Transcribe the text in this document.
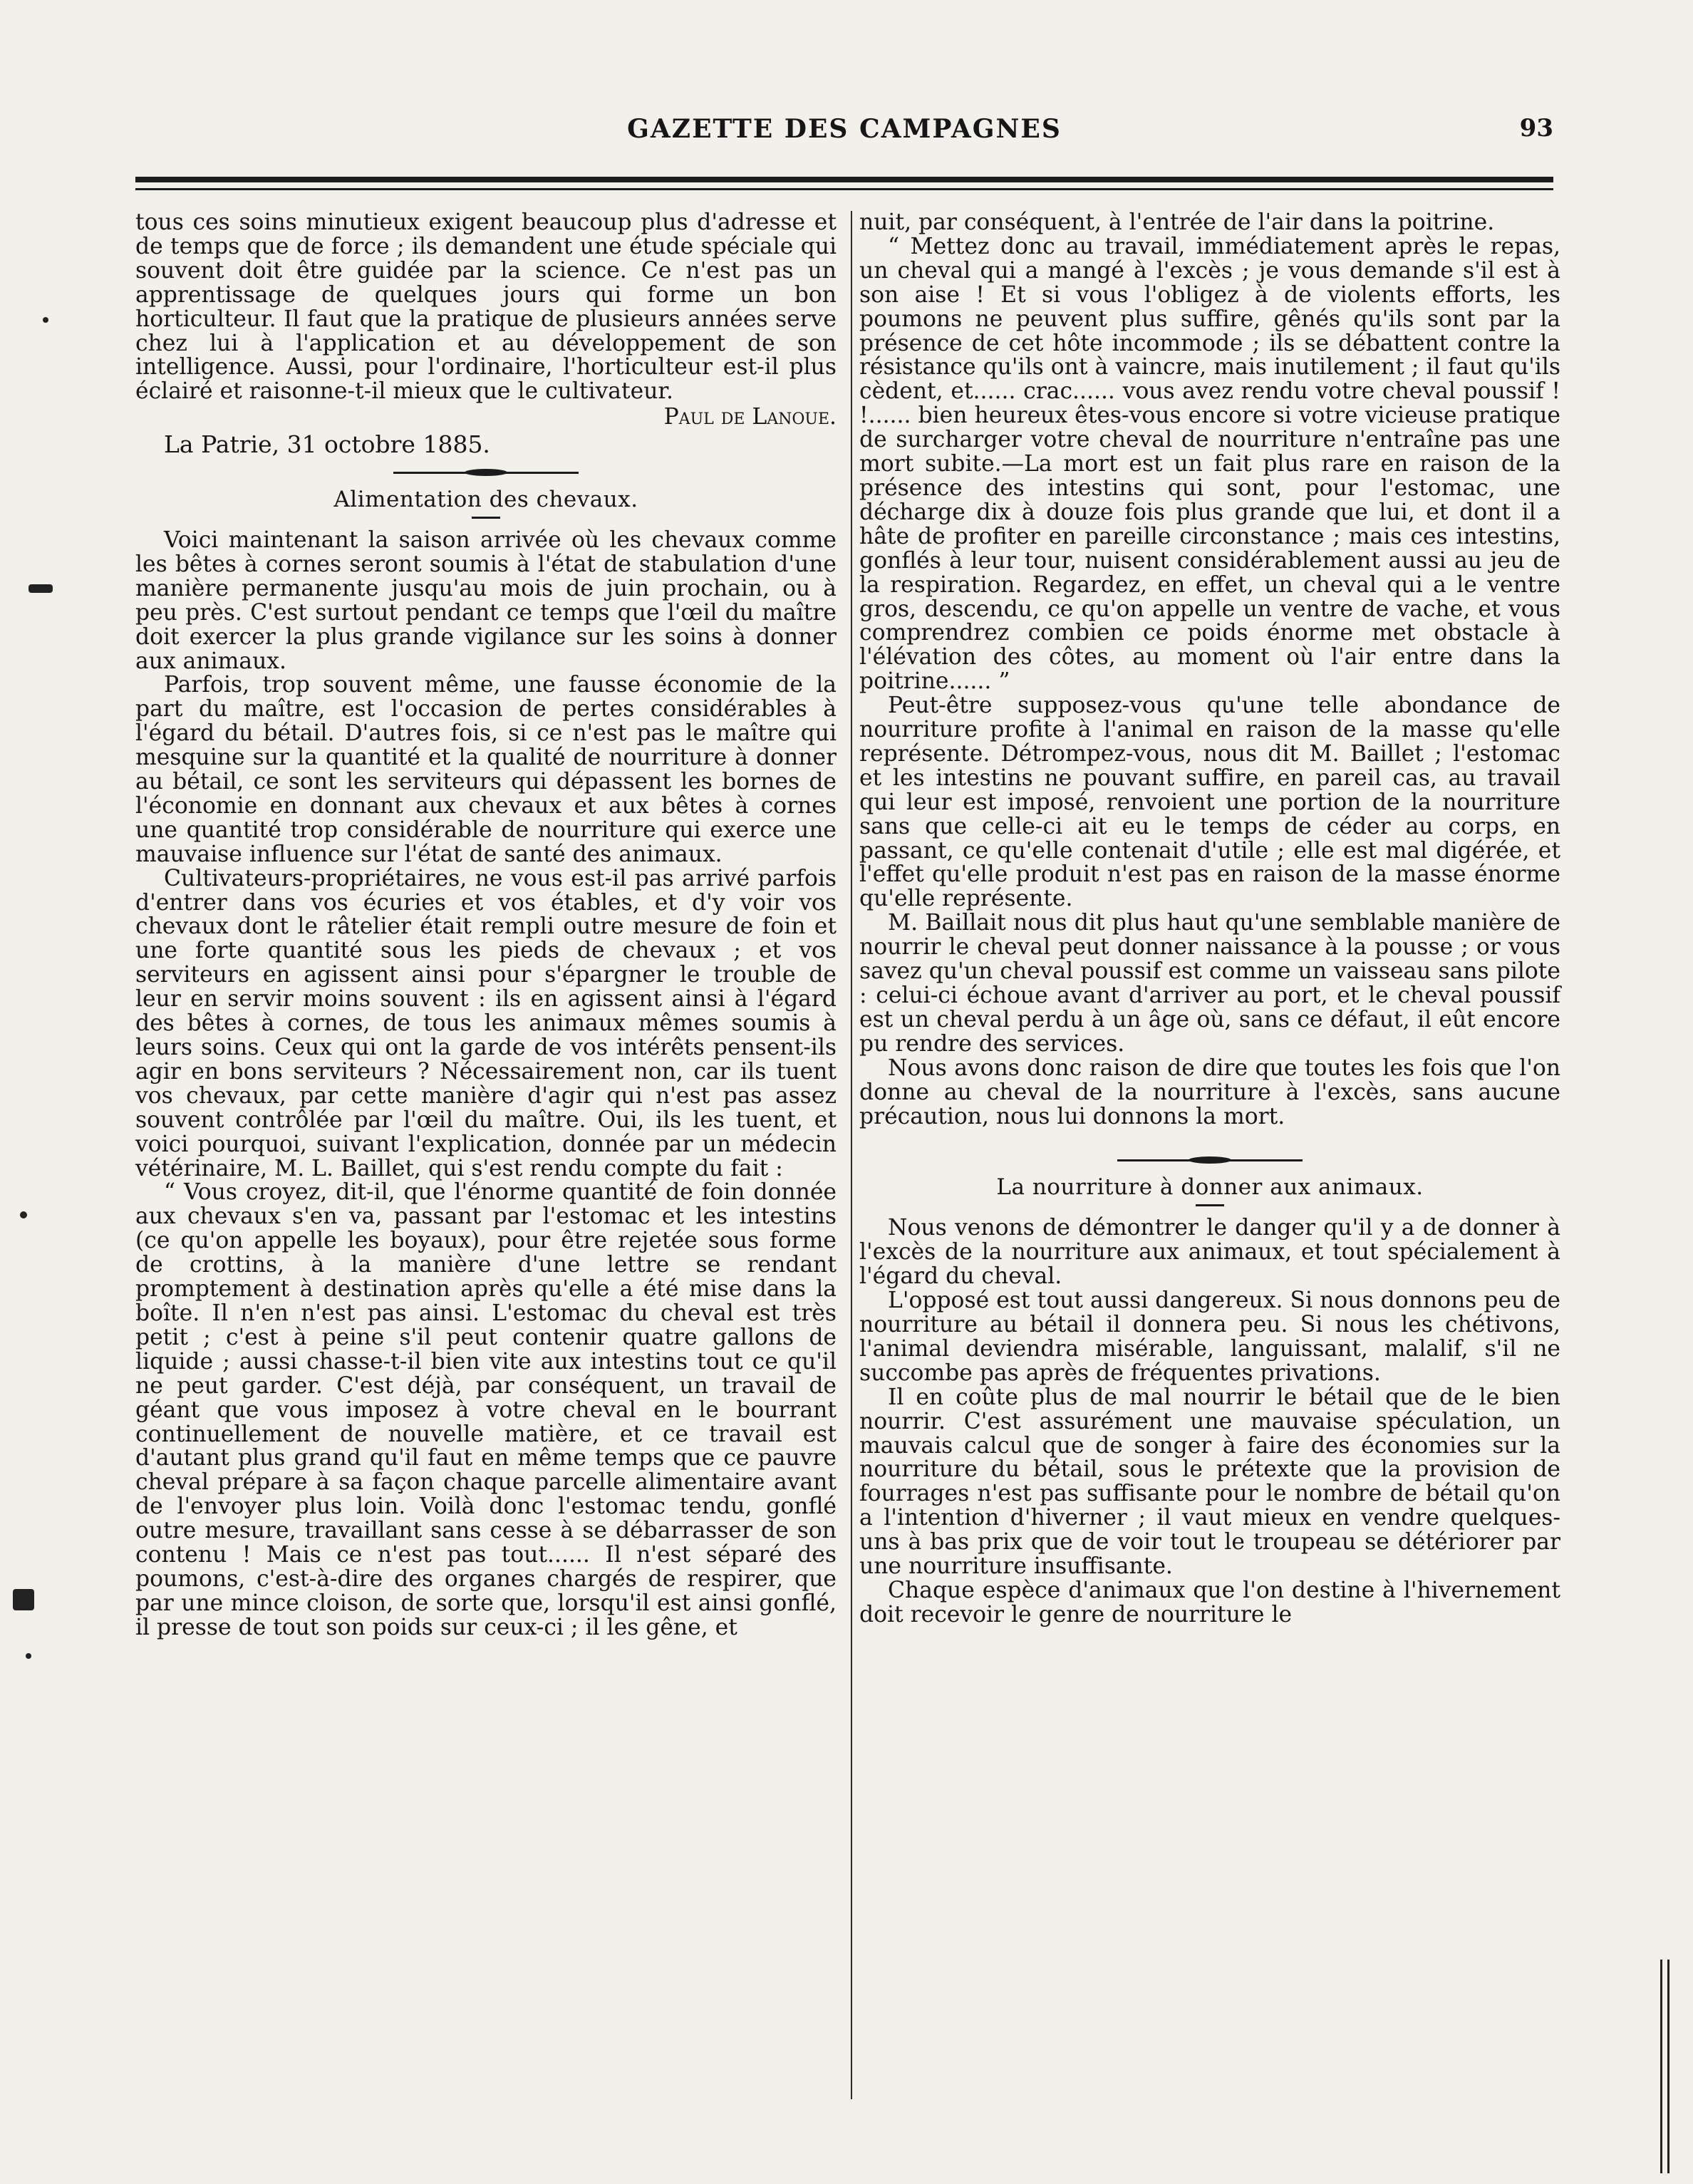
GAZETTE DES CAMPAGNES	93

tous ces soins minutieux exigent beaucoup plus d'adresse et de temps que de force ; ils demandent une étude spéciale qui souvent doit être guidée par la science. Ce n'est pas un apprentissage de quelques jours qui forme un bon horticulteur. Il faut que la pratique de plusieurs années serve chez lui à l'application et au développement de son intelligence. Aussi, pour l'ordinaire, l'horticulteur est-il plus éclairé et raisonne-t-il mieux que le cultivateur.

Paul de Lanoue.
La Patrie, 31 octobre 1885.
Alimentation des chevaux.

Voici maintenant la saison arrivée où les chevaux comme les bêtes à cornes seront soumis à l'état de stabulation d'une manière permanente jusqu'au mois de juin prochain, ou à peu près. C'est surtout pendant ce temps que l'œil du maître doit exercer la plus grande vigilance sur les soins à donner aux animaux.

Parfois, trop souvent même, une fausse économie de la part du maître, est l'occasion de pertes considérables à l'égard du bétail. D'autres fois, si ce n'est pas le maître qui mesquine sur la quantité et la qualité de nourriture à donner au bétail, ce sont les serviteurs qui dépassent les bornes de l'économie en donnant aux chevaux et aux bêtes à cornes une quantité trop considérable de nourriture qui exerce une mauvaise influence sur l'état de santé des animaux.

Cultivateurs-propriétaires, ne vous est-il pas arrivé parfois d'entrer dans vos écuries et vos étables, et d'y voir vos chevaux dont le râtelier était rempli outre mesure de foin et une forte quantité sous les pieds de chevaux ; et vos serviteurs en agissent ainsi pour s'épargner le trouble de leur en servir moins souvent : ils en agissent ainsi à l'égard des bêtes à cornes, de tous les animaux mêmes soumis à leurs soins. Ceux qui ont la garde de vos intérêts pensent-ils agir en bons serviteurs ? Nécessairement non, car ils tuent vos chevaux, par cette manière d'agir qui n'est pas assez souvent contrôlée par l'œil du maître. Oui, ils les tuent, et voici pourquoi, suivant l'explication, donnée par un médecin vétérinaire, M. L. Baillet, qui s'est rendu compte du fait :

“ Vous croyez, dit-il, que l'énorme quantité de foin donnée aux chevaux s'en va, passant par l'estomac et les intestins (ce qu'on appelle les boyaux), pour être rejetée sous forme de crottins, à la manière d'une lettre se rendant promptement à destination après qu'elle a été mise dans la boîte. Il n'en n'est pas ainsi. L'estomac du cheval est très petit ; c'est à peine s'il peut contenir quatre gallons de liquide ; aussi chasse-t-il bien vite aux intestins tout ce qu'il ne peut garder. C'est déjà, par conséquent, un travail de géant que vous imposez à votre cheval en le bourrant continuellement de nouvelle matière, et ce travail est d'autant plus grand qu'il faut en même temps que ce pauvre cheval prépare à sa façon chaque parcelle alimentaire avant de l'envoyer plus loin. Voilà donc l'estomac tendu, gonflé outre mesure, travaillant sans cesse à se débarrasser de son contenu ! Mais ce n'est pas tout...... Il n'est séparé des poumons, c'est-à-dire des organes chargés de respirer, que par une mince cloison, de sorte que, lorsqu'il est ainsi gonflé, il presse de tout son poids sur ceux-ci ; il les gêne, et

nuit, par conséquent, à l'entrée de l'air dans la poitrine.

“ Mettez donc au travail, immédiatement après le repas, un cheval qui a mangé à l'excès ; je vous demande s'il est à son aise ! Et si vous l'obligez à de violents efforts, les poumons ne peuvent plus suffire, gênés qu'ils sont par la présence de cet hôte incommode ; ils se débattent contre la résistance qu'ils ont à vaincre, mais inutilement ; il faut qu'ils cèdent, et...... crac...... vous avez rendu votre cheval poussif ! !...... bien heureux êtes-vous encore si votre vicieuse pratique de surcharger votre cheval de nourriture n'entraîne pas une mort subite.—La mort est un fait plus rare en raison de la présence des intestins qui sont, pour l'estomac, une décharge dix à douze fois plus grande que lui, et dont il a hâte de profiter en pareille circonstance ; mais ces intestins, gonflés à leur tour, nuisent considérablement aussi au jeu de la respiration. Regardez, en effet, un cheval qui a le ventre gros, descendu, ce qu'on appelle un ventre de vache, et vous comprendrez combien ce poids énorme met obstacle à l'élévation des côtes, au moment où l'air entre dans la poitrine...... ”

Peut-être supposez-vous qu'une telle abondance de nourriture profite à l'animal en raison de la masse qu'elle représente. Détrompez-vous, nous dit M. Baillet ; l'estomac et les intestins ne pouvant suffire, en pareil cas, au travail qui leur est imposé, renvoient une portion de la nourriture sans que celle-ci ait eu le temps de céder au corps, en passant, ce qu'elle contenait d'utile ; elle est mal digérée, et l'effet qu'elle produit n'est pas en raison de la masse énorme qu'elle représente.

M. Baillait nous dit plus haut qu'une semblable manière de nourrir le cheval peut donner naissance à la pousse ; or vous savez qu'un cheval poussif est comme un vaisseau sans pilote : celui-ci échoue avant d'arriver au port, et le cheval poussif est un cheval perdu à un âge où, sans ce défaut, il eût encore pu rendre des services.

Nous avons donc raison de dire que toutes les fois que l'on donne au cheval de la nourriture à l'excès, sans aucune précaution, nous lui donnons la mort.

La nourriture à donner aux animaux.

Nous venons de démontrer le danger qu'il y a de donner à l'excès de la nourriture aux animaux, et tout spécialement à l'égard du cheval.

L'opposé est tout aussi dangereux. Si nous donnons peu de nourriture au bétail il donnera peu. Si nous les chétivons, l'animal deviendra misérable, languissant, malalif, s'il ne succombe pas après de fréquentes privations.

Il en coûte plus de mal nourrir le bétail que de le bien nourrir. C'est assurément une mauvaise spéculation, un mauvais calcul que de songer à faire des économies sur la nourriture du bétail, sous le prétexte que la provision de fourrages n'est pas suffisante pour le nombre de bétail qu'on a l'intention d'hiverner ; il vaut mieux en vendre quelques-uns à bas prix que de voir tout le troupeau se détériorer par une nourriture insuffisante.

Chaque espèce d'animaux que l'on destine à l'hivernement doit recevoir le genre de nourriture le
